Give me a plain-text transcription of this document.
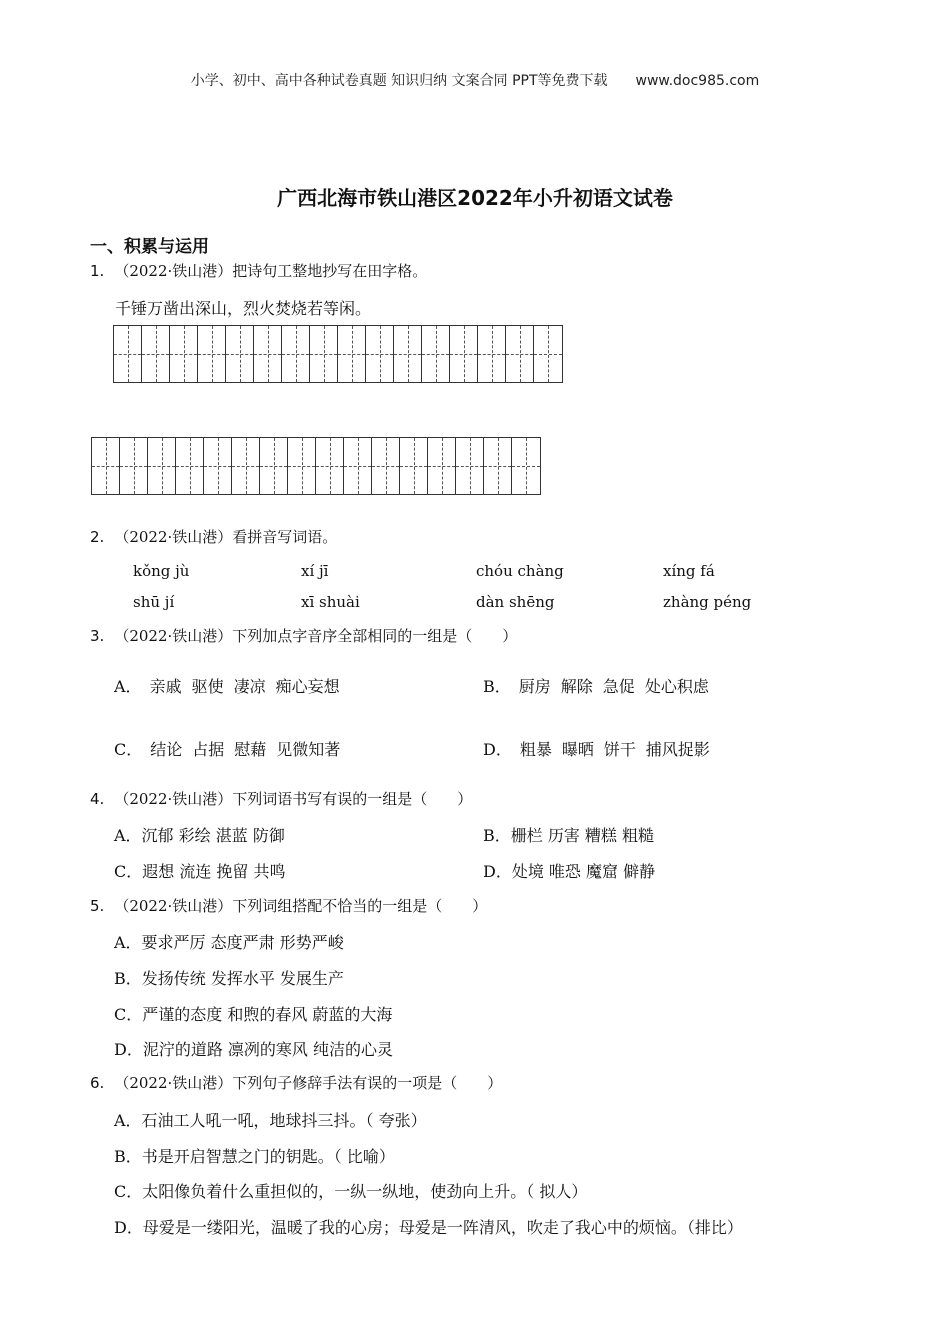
小学、初中、高中各种试卷真题 知识归纳 文案合同 PPT等免费下载 www.doc985.com
广西北海市铁山港区2022年小升初语文试卷
一、积累与运用
1. （2022·铁山港）把诗句工整地抄写在田字格。
千锤万凿出深山，烈火焚烧若等闲。
2. （2022·铁山港）看拼音写词语。
kǒng jù	xí jī	chóu chàng	xíng fá
shū jí	xī shuài	dàn shēng	zhàng péng
3. （2022·铁山港）下列加点字音序全部相同的一组是（　　）
A． 亲戚 驱使 凄凉 痴心妄想	B． 厨房 解除 急促 处心积虑
C． 结论 占据 慰藉 见微知著	D． 粗暴 曝晒 饼干 捕风捉影
4. （2022·铁山港）下列词语书写有误的一组是（　　）
A．沉郁 彩绘 湛蓝 防御	B．栅栏 历害 糟糕 粗糙
C．遐想 流连 挽留 共鸣	D．处境 唯恐 魔窟 僻静
5. （2022·铁山港）下列词组搭配不恰当的一组是（　　）
A．要求严厉 态度严肃 形势严峻
B．发扬传统 发挥水平 发展生产
C．严谨的态度 和煦的春风 蔚蓝的大海
D．泥泞的道路 凛冽的寒风 纯洁的心灵
6. （2022·铁山港）下列句子修辞手法有误的一项是（　　）
A．石油工人吼一吼，地球抖三抖。（ 夸张）
B．书是开启智慧之门的钥匙。（ 比喻）
C．太阳像负着什么重担似的，一纵一纵地，使劲向上升。（ 拟人）
D．母爱是一缕阳光，温暖了我的心房；母爱是一阵清风，吹走了我心中的烦恼。（排比）
